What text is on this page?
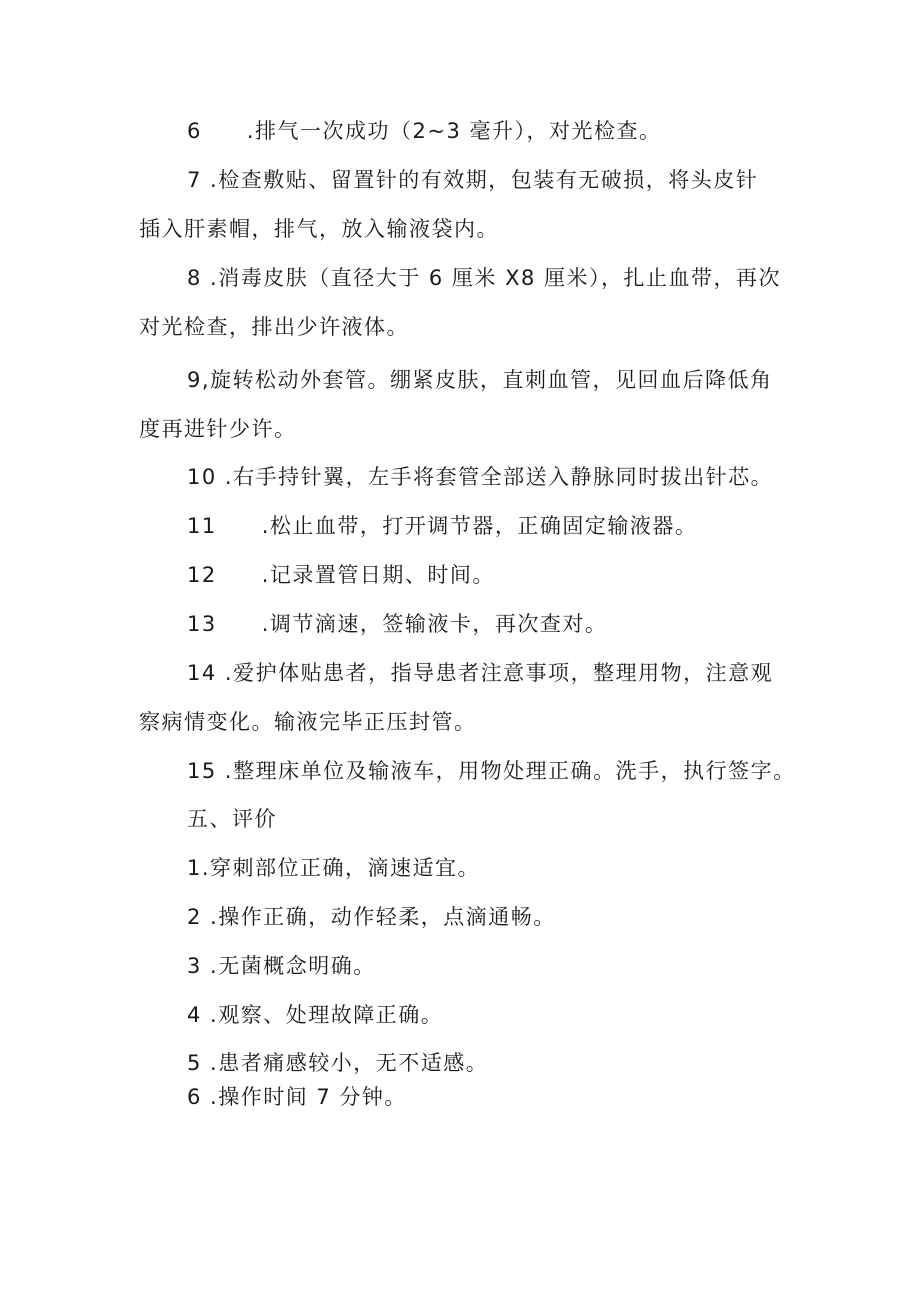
6　　.排气一次成功（2~3 毫升），对光检查。
7 .检查敷贴、留置针的有效期，包装有无破损，将头皮针
插入肝素帽，排气，放入输液袋内。
8 .消毒皮肤（直径大于 6 厘米 X8 厘米），扎止血带，再次
对光检查，排出少许液体。
9,旋转松动外套管。绷紧皮肤，直刺血管，见回血后降低角
度再进针少许。
10 .右手持针翼，左手将套管全部送入静脉同时拔出针芯。
11　　.松止血带，打开调节器，正确固定输液器。
12　　.记录置管日期、时间。
13　　.调节滴速，签输液卡，再次查对。
14 .爱护体贴患者，指导患者注意事项，整理用物，注意观
察病情变化。输液完毕正压封管。
15 .整理床单位及输液车，用物处理正确。洗手，执行签字。
五、评价
1.穿刺部位正确，滴速适宜。
2 .操作正确，动作轻柔，点滴通畅。
3 .无菌概念明确。
4 .观察、处理故障正确。
5 .患者痛感较小，无不适感。
6 .操作时间 7 分钟。
